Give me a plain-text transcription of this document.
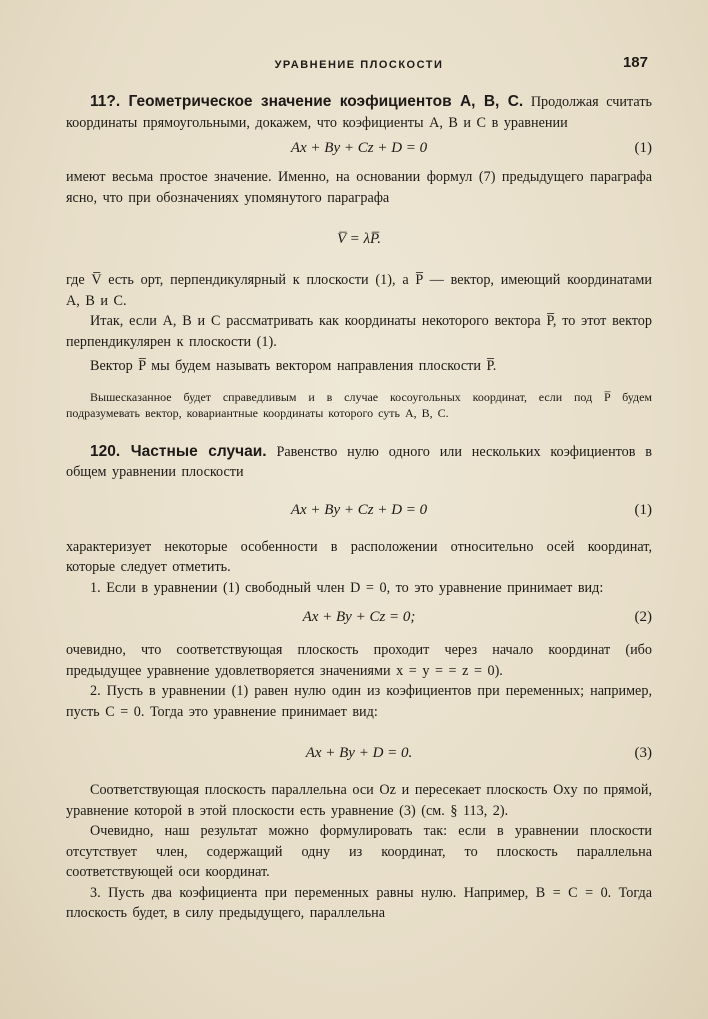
УРАВНЕНИЕ ПЛОСКОСТИ	187

11?. Геометрическое значение коэфициентов A, B, C. Продолжая считать координаты прямоугольными, докажем, что коэфициенты A, B и C в уравнении

Ax + By + Cz + D = 0	(1)

имеют весьма простое значение. Именно, на основании формул (7) предыдущего параграфа ясно, что при обозначениях упомянутого параграфа

V̅ = λP̅.

где V̅ есть орт, перпендикулярный к плоскости (1), а P̅ — вектор, имеющий координатами A, B и C.

Итак, если A, B и C рассматривать как координаты некоторого вектора P̅, то этот вектор перпендикулярен к плоскости (1).

Вектор P̅ мы будем называть вектором направления плоскости P̅.

Вышесказанное будет справедливым и в случае косоугольных координат, если под P̅ будем подразумевать вектор, ковариантные координаты которого суть A, B, C.

120. Частные случаи. Равенство нулю одного или нескольких коэфициентов в общем уравнении плоскости

Ax + By + Cz + D = 0	(1)

характеризует некоторые особенности в расположении относительно осей координат, которые следует отметить.

1. Если в уравнении (1) свободный член D = 0, то это уравнение принимает вид:

Ax + By + Cz = 0;	(2)

очевидно, что соответствующая плоскость проходит через начало координат (ибо предыдущее уравнение удовлетворяется значениями x = y = = z = 0).

2. Пусть в уравнении (1) равен нулю один из коэфициентов при переменных; например, пусть C = 0. Тогда это уравнение принимает вид:

Ax + By + D = 0.	(3)

Соответствующая плоскость параллельна оси Oz и пересекает плоскость Oxy по прямой, уравнение которой в этой плоскости есть уравнение (3) (см. § 113, 2).

Очевидно, наш результат можно формулировать так: если в уравнении плоскости отсутствует член, содержащий одну из координат, то плоскость параллельна соответствующей оси координат.

3. Пусть два коэфициента при переменных равны нулю. Например, B = C = 0. Тогда плоскость будет, в силу предыдущего, параллельна
